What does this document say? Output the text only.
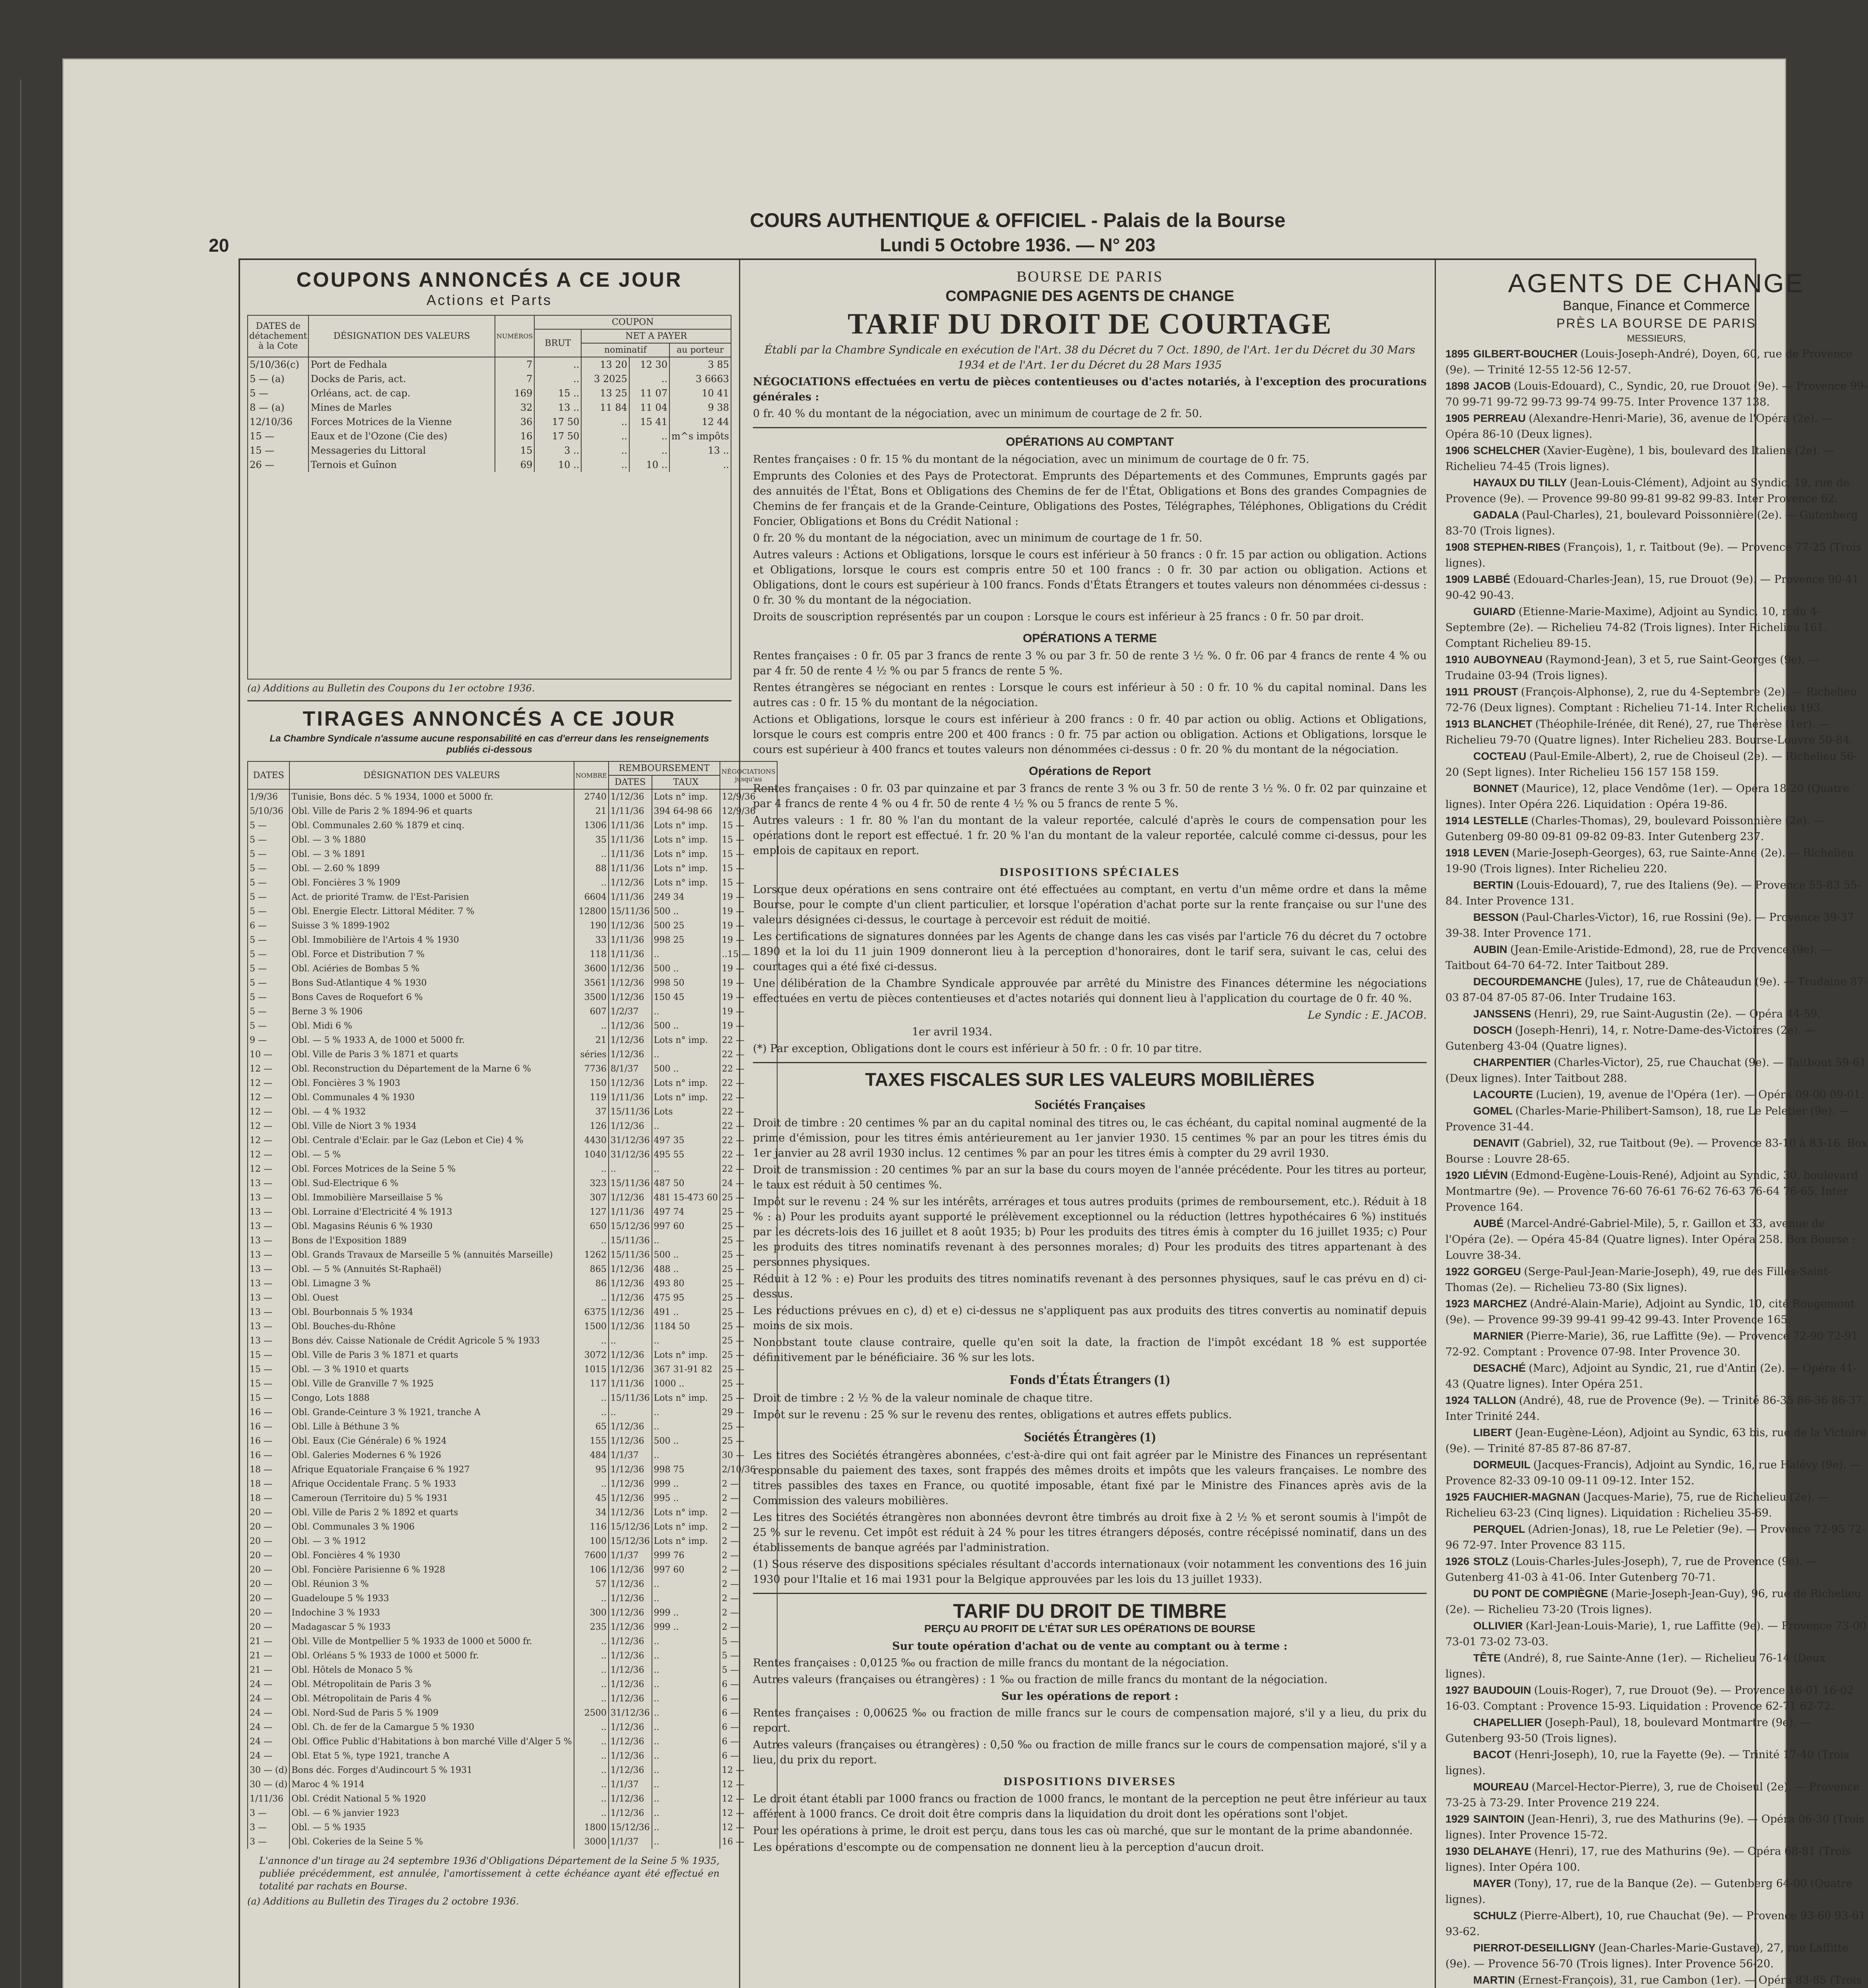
20
COURS AUTHENTIQUE & OFFICIEL - Palais de la Bourse
Lundi 5 Octobre 1936. — N° 203
COUPONS ANNONCÉS A CE JOUR
Actions et Parts
DATES de détachement à la Cote	DÉSIGNATION DES VALEURS	NUMÉROS	COUPON			
			BRUT	NET A PAYER		
				nominatif		au porteur
5/10/36(c)	Port de Fedhala	7	..	13 20	12 30	3 85
5 — (a)	Docks de Paris, act.	7	..	3 2025	..	3 6663
5 —	Orléans, act. de cap.	169	15 ..	13 25	11 07	10 41
8 — (a)	Mines de Marles	32	13 ..	11 84	11 04	9 38
12/10/36	Forces Motrices de la Vienne	36	17 50	..	15 41	12 44
15 —	Eaux et de l'Ozone (Cie des)	16	17 50	..	..	m^s impôts
15 —	Messageries du Littoral	15	3 ..	..	..	13 ..
26 —	Ternois et Guînon	69	10 ..	..	10 ..	..
(a) Additions au Bulletin des Coupons du 1er octobre 1936.
TIRAGES ANNONCÉS A CE JOUR
La Chambre Syndicale n'assume aucune responsabilité en cas d'erreur dans les renseignements publiés ci-dessous
DATES	DÉSIGNATION DES VALEURS	NOMBRE	REMBOURSEMENT		NÉGOCIATIONS jusqu'au
			DATES	TAUX	
1/9/36	Tunisie, Bons déc. 5 % 1934, 1000 et 5000 fr.	2740	1/12/36	Lots n° imp.	12/9/36
5/10/36	Obl. Ville de Paris 2 % 1894-96 et quarts	21	1/11/36	394 64-98 66	12/9/36
5 —	Obl. Communales 2.60 % 1879 et cinq.	1306	1/11/36	Lots n° imp.	15 —
5 —	Obl. — 3 % 1880	35	1/11/36	Lots n° imp.	15 —
5 —	Obl. — 3 % 1891	..	1/11/36	Lots n° imp.	15 —
5 —	Obl. — 2.60 % 1899	88	1/11/36	Lots n° imp.	15 —
5 —	Obl. Foncières 3 % 1909	..	1/12/36	Lots n° imp.	15 —
5 —	Act. de priorité Tramw. de l'Est-Parisien	6604	1/11/36	249 34	19 —
5 —	Obl. Energie Electr. Littoral Méditer. 7 %	12800	15/11/36	500 ..	19 —
6 —	Suisse 3 % 1899-1902	190	1/12/36	500 25	19 —
5 —	Obl. Immobilière de l'Artois 4 % 1930	33	1/11/36	998 25	19 —
5 —	Obl. Force et Distribution 7 %	118	1/11/36	..	..15 —
5 —	Obl. Aciéries de Bombas 5 %	3600	1/12/36	500 ..	19 —
5 —	Bons Sud-Atlantique 4 % 1930	3561	1/12/36	998 50	19 —
5 —	Bons Caves de Roquefort 6 %	3500	1/12/36	150 45	19 —
5 —	Berne 3 % 1906	607	1/2/37	..	19 —
5 —	Obl. Midi 6 %	..	1/12/36	500 ..	19 —
9 —	Obl. — 5 % 1933 A, de 1000 et 5000 fr.	21	1/12/36	Lots n° imp.	22 —
10 —	Obl. Ville de Paris 3 % 1871 et quarts	séries	1/12/36	..	22 —
12 —	Obl. Reconstruction du Département de la Marne 6 %	7736	8/1/37	500 ..	22 —
12 —	Obl. Foncières 3 % 1903	150	1/12/36	Lots n° imp.	22 —
12 —	Obl. Communales 4 % 1930	119	1/11/36	Lots n° imp.	22 —
12 —	Obl. — 4 % 1932	37	15/11/36	Lots	22 —
12 —	Obl. Ville de Niort 3 % 1934	126	1/12/36	..	22 —
12 —	Obl. Centrale d'Eclair. par le Gaz (Lebon et Cie) 4 %	4430	31/12/36	497 35	22 —
12 —	Obl. — 5 %	1040	31/12/36	495 55	22 —
12 —	Obl. Forces Motrices de la Seine 5 %	..	..	..	22 —
13 —	Obl. Sud-Electrique 6 %	323	15/11/36	487 50	24 —
13 —	Obl. Immobilière Marseillaise 5 %	307	1/12/36	481 15-473 60	25 —
13 —	Obl. Lorraine d'Electricité 4 % 1913	127	1/11/36	497 74	25 —
13 —	Obl. Magasins Réunis 6 % 1930	650	15/12/36	997 60	25 —
13 —	Bons de l'Exposition 1889	..	15/11/36	..	25 —
13 —	Obl. Grands Travaux de Marseille 5 % (annuités Marseille)	1262	15/11/36	500 ..	25 —
13 —	Obl. — 5 % (Annuités St-Raphaël)	865	1/12/36	488 ..	25 —
13 —	Obl. Limagne 3 %	86	1/12/36	493 80	25 —
13 —	Obl. Ouest	..	1/12/36	475 95	25 —
13 —	Obl. Bourbonnais 5 % 1934	6375	1/12/36	491 ..	25 —
13 —	Obl. Bouches-du-Rhône	1500	1/12/36	1184 50	25 —
13 —	Bons dév. Caisse Nationale de Crédit Agricole 5 % 1933	..	..	..	25 —
15 —	Obl. Ville de Paris 3 % 1871 et quarts	3072	1/12/36	Lots n° imp.	25 —
15 —	Obl. — 3 % 1910 et quarts	1015	1/12/36	367 31-91 82	25 —
15 —	Obl. Ville de Granville 7 % 1925	117	1/11/36	1000 ..	25 —
15 —	Congo, Lots 1888	..	15/11/36	Lots n° imp.	25 —
16 —	Obl. Grande-Ceinture 3 % 1921, tranche A	..	..	..	29 —
16 —	Obl. Lille à Béthune 3 %	65	1/12/36	..	25 —
16 —	Obl. Eaux (Cie Générale) 6 % 1924	155	1/12/36	500 ..	25 —
16 —	Obl. Galeries Modernes 6 % 1926	484	1/1/37	..	30 —
18 —	Afrique Equatoriale Française 6 % 1927	95	1/12/36	998 75	2/10/36
18 —	Afrique Occidentale Franç. 5 % 1933	..	1/12/36	999 ..	2 —
18 —	Cameroun (Territoire du) 5 % 1931	45	1/12/36	995 ..	2 —
20 —	Obl. Ville de Paris 2 % 1892 et quarts	34	1/12/36	Lots n° imp.	2 —
20 —	Obl. Communales 3 % 1906	116	15/12/36	Lots n° imp.	2 —
20 —	Obl. — 3 % 1912	100	15/12/36	Lots n° imp.	2 —
20 —	Obl. Foncières 4 % 1930	7600	1/1/37	999 76	2 —
20 —	Obl. Foncière Parisienne 6 % 1928	106	1/12/36	997 60	2 —
20 —	Obl. Réunion 3 %	57	1/12/36	..	2 —
20 —	Guadeloupe 5 % 1933	..	1/12/36	..	2 —
20 —	Indochine 3 % 1933	300	1/12/36	999 ..	2 —
20 —	Madagascar 5 % 1933	235	1/12/36	999 ..	2 —
21 —	Obl. Ville de Montpellier 5 % 1933 de 1000 et 5000 fr.	..	1/12/36	..	5 —
21 —	Obl. Orléans 5 % 1933 de 1000 et 5000 fr.	..	1/12/36	..	5 —
21 —	Obl. Hôtels de Monaco 5 %	..	1/12/36	..	5 —
24 —	Obl. Métropolitain de Paris 3 %	..	1/12/36	..	6 —
24 —	Obl. Métropolitain de Paris 4 %	..	1/12/36	..	6 —
24 —	Obl. Nord-Sud de Paris 5 % 1909	2500	31/12/36	..	6 —
24 —	Obl. Ch. de fer de la Camargue 5 % 1930	..	1/12/36	..	6 —
24 —	Obl. Office Public d'Habitations à bon marché Ville d'Alger 5 %	..	1/12/36	..	6 —
24 —	Obl. Etat 5 %, type 1921, tranche A	..	1/12/36	..	6 —
30 — (d)	Bons déc. Forges d'Audincourt 5 % 1931	..	1/12/36	..	12 —
30 — (d)	Maroc 4 % 1914	..	1/1/37	..	12 —
1/11/36	Obl. Crédit National 5 % 1920	..	1/12/36	..	12 —
3 —	Obl. — 6 % janvier 1923	..	1/12/36	..	12 —
3 —	Obl. — 5 % 1935	1800	15/12/36	..	12 —
3 —	Obl. Cokeries de la Seine 5 %	3000	1/1/37	..	16 —
L'annonce d'un tirage au 24 septembre 1936 d'Obligations Département de la Seine 5 % 1935, publiée précédemment, est annulée, l'amortissement à cette échéance ayant été effectué en totalité par rachats en Bourse.
(a) Additions au Bulletin des Tirages du 2 octobre 1936.
BOURSE DE PARIS
COMPAGNIE DES AGENTS DE CHANGE
TARIF DU DROIT DE COURTAGE
Établi par la Chambre Syndicale en exécution de l'Art. 38 du Décret du 7 Oct. 1890, de l'Art. 1er du Décret du 30 Mars 1934 et de l'Art. 1er du Décret du 28 Mars 1935
NÉGOCIATIONS effectuées en vertu de pièces contentieuses ou d'actes notariés, à l'exception des procurations générales :
0 fr. 40 % du montant de la négociation, avec un minimum de courtage de 2 fr. 50.
OPÉRATIONS AU COMPTANT
Rentes françaises : 0 fr. 15 % du montant de la négociation, avec un minimum de courtage de 0 fr. 75.
Emprunts des Colonies et des Pays de Protectorat. Emprunts des Départements et des Communes, Emprunts gagés par des annuités de l'État, Bons et Obligations des Chemins de fer de l'État, Obligations et Bons des grandes Compagnies de Chemins de fer français et de la Grande-Ceinture, Obligations des Postes, Télégraphes, Téléphones, Obligations du Crédit Foncier, Obligations et Bons du Crédit National :
0 fr. 20 % du montant de la négociation, avec un minimum de courtage de 1 fr. 50.
Autres valeurs : Actions et Obligations, lorsque le cours est inférieur à 50 francs : 0 fr. 15 par action ou obligation. Actions et Obligations, lorsque le cours est compris entre 50 et 100 francs : 0 fr. 30 par action ou obligation. Actions et Obligations, dont le cours est supérieur à 100 francs. Fonds d'États Étrangers et toutes valeurs non dénommées ci-dessus : 0 fr. 30 % du montant de la négociation.
Droits de souscription représentés par un coupon : Lorsque le cours est inférieur à 25 francs : 0 fr. 50 par droit.
OPÉRATIONS A TERME
Rentes françaises : 0 fr. 05 par 3 francs de rente 3 % ou par 3 fr. 50 de rente 3 ½ %. 0 fr. 06 par 4 francs de rente 4 % ou par 4 fr. 50 de rente 4 ½ % ou par 5 francs de rente 5 %.
Rentes étrangères se négociant en rentes : Lorsque le cours est inférieur à 50 : 0 fr. 10 % du capital nominal. Dans les autres cas : 0 fr. 15 % du montant de la négociation.
Actions et Obligations, lorsque le cours est inférieur à 200 francs : 0 fr. 40 par action ou oblig. Actions et Obligations, lorsque le cours est compris entre 200 et 400 francs : 0 fr. 75 par action ou obligation. Actions et Obligations, lorsque le cours est supérieur à 400 francs et toutes valeurs non dénommées ci-dessus : 0 fr. 20 % du montant de la négociation.
Opérations de Report
Rentes françaises : 0 fr. 03 par quinzaine et par 3 francs de rente 3 % ou 3 fr. 50 de rente 3 ½ %. 0 fr. 02 par quinzaine et par 4 francs de rente 4 % ou 4 fr. 50 de rente 4 ½ % ou 5 francs de rente 5 %.
Autres valeurs : 1 fr. 80 % l'an du montant de la valeur reportée, calculé d'après le cours de compensation pour les opérations dont le report est effectué. 1 fr. 20 % l'an du montant de la valeur reportée, calculé comme ci-dessus, pour les emplois de capitaux en report.
DISPOSITIONS SPÉCIALES
Lorsque deux opérations en sens contraire ont été effectuées au comptant, en vertu d'un même ordre et dans la même Bourse, pour le compte d'un client particulier, et lorsque l'opération d'achat porte sur la rente française ou sur l'une des valeurs désignées ci-dessus, le courtage à percevoir est réduit de moitié.
Les certifications de signatures données par les Agents de change dans les cas visés par l'article 76 du décret du 7 octobre 1890 et la loi du 11 juin 1909 donneront lieu à la perception d'honoraires, dont le tarif sera, suivant le cas, celui des courtages qui a été fixé ci-dessus.
Une délibération de la Chambre Syndicale approuvée par arrêté du Ministre des Finances détermine les négociations effectuées en vertu de pièces contentieuses et d'actes notariés qui donnent lieu à l'application du courtage de 0 fr. 40 %.
Le Syndic : E. JACOB.
1er avril 1934.
(*) Par exception, Obligations dont le cours est inférieur à 50 fr. : 0 fr. 10 par titre.
TAXES FISCALES SUR LES VALEURS MOBILIÈRES
Sociétés Françaises
Droit de timbre : 20 centimes % par an du capital nominal des titres ou, le cas échéant, du capital nominal augmenté de la prime d'émission, pour les titres émis antérieurement au 1er janvier 1930. 15 centimes % par an pour les titres émis du 1er janvier au 28 avril 1930 inclus. 12 centimes % par an pour les titres émis à compter du 29 avril 1930.
Droit de transmission : 20 centimes % par an sur la base du cours moyen de l'année précédente. Pour les titres au porteur, le taux est réduit à 50 centimes %.
Impôt sur le revenu : 24 % sur les intérêts, arrérages et tous autres produits (primes de remboursement, etc.). Réduit à 18 % : a) Pour les produits ayant supporté le prélèvement exceptionnel ou la réduction (lettres hypothécaires 6 %) institués par les décrets-lois des 16 juillet et 8 août 1935; b) Pour les produits des titres émis à compter du 16 juillet 1935; c) Pour les produits des titres nominatifs revenant à des personnes morales; d) Pour les produits des titres appartenant à des personnes physiques.
Réduit à 12 % : e) Pour les produits des titres nominatifs revenant à des personnes physiques, sauf le cas prévu en d) ci-dessus.
Les réductions prévues en c), d) et e) ci-dessus ne s'appliquent pas aux produits des titres convertis au nominatif depuis moins de six mois.
Nonobstant toute clause contraire, quelle qu'en soit la date, la fraction de l'impôt excédant 18 % est supportée définitivement par le bénéficiaire. 36 % sur les lots.
Fonds d'États Étrangers (1)
Droit de timbre : 2 ½ % de la valeur nominale de chaque titre.
Impôt sur le revenu : 25 % sur le revenu des rentes, obligations et autres effets publics.
Sociétés Étrangères (1)
Les titres des Sociétés étrangères abonnées, c'est-à-dire qui ont fait agréer par le Ministre des Finances un représentant responsable du paiement des taxes, sont frappés des mêmes droits et impôts que les valeurs françaises. Le nombre des titres passibles des taxes en France, ou quotité imposable, étant fixé par le Ministre des Finances après avis de la Commission des valeurs mobilières.
Les titres des Sociétés étrangères non abonnées devront être timbrés au droit fixe à 2 ½ % et seront soumis à l'impôt de 25 % sur le revenu. Cet impôt est réduit à 24 % pour les titres étrangers déposés, contre récépissé nominatif, dans un des établissements de banque agréés par l'administration.
(1) Sous réserve des dispositions spéciales résultant d'accords internationaux (voir notamment les conventions des 16 juin 1930 pour l'Italie et 16 mai 1931 pour la Belgique approuvées par les lois du 13 juillet 1933).
TARIF DU DROIT DE TIMBRE
PERÇU AU PROFIT DE L'ÉTAT SUR LES OPÉRATIONS DE BOURSE
Sur toute opération d'achat ou de vente au comptant ou à terme :
Rentes françaises : 0,0125 ‰ ou fraction de mille francs du montant de la négociation.
Autres valeurs (françaises ou étrangères) : 1 ‰ ou fraction de mille francs du montant de la négociation.
Sur les opérations de report :
Rentes françaises : 0,00625 ‰ ou fraction de mille francs sur le cours de compensation majoré, s'il y a lieu, du prix du report.
Autres valeurs (françaises ou étrangères) : 0,50 ‰ ou fraction de mille francs sur le cours de compensation majoré, s'il y a lieu, du prix du report.
DISPOSITIONS DIVERSES
Le droit étant établi par 1000 francs ou fraction de 1000 francs, le montant de la perception ne peut être inférieur au taux afférent à 1000 francs. Ce droit doit être compris dans la liquidation du droit dont les opérations sont l'objet.
Pour les opérations à prime, le droit est perçu, dans tous les cas où marché, que sur le montant de la prime abandonnée.
Les opérations d'escompte ou de compensation ne donnent lieu à la perception d'aucun droit.
AGENTS DE CHANGE
Banque, Finance et Commerce
PRÈS LA BOURSE DE PARIS
MESSIEURS,
1895 GILBERT-BOUCHER (Louis-Joseph-André), Doyen, 60, rue de Provence (9e). — Trinité 12-55 12-56 12-57.
1898 JACOB (Louis-Edouard), C., Syndic, 20, rue Drouot (9e). — Provence 99-70 99-71 99-72 99-73 99-74 99-75. Inter Provence 137 138.
1905 PERREAU (Alexandre-Henri-Marie), 36, avenue de l'Opéra (2e). — Opéra 86-10 (Deux lignes).
1906 SCHELCHER (Xavier-Eugène), 1 bis, boulevard des Italiens (2e). — Richelieu 74-45 (Trois lignes).
HAYAUX DU TILLY (Jean-Louis-Clément), Adjoint au Syndic, 19, rue de Provence (9e). — Provence 99-80 99-81 99-82 99-83. Inter Provence 62.
GADALA (Paul-Charles), 21, boulevard Poissonnière (2e). — Gutenberg 83-70 (Trois lignes).
1908 STEPHEN-RIBES (François), 1, r. Taitbout (9e). — Provence 77-25 (Trois lignes).
1909 LABBÉ (Edouard-Charles-Jean), 15, rue Drouot (9e). — Provence 90-41 90-42 90-43.
GUIARD (Etienne-Marie-Maxime), Adjoint au Syndic, 10, r. du 4-Septembre (2e). — Richelieu 74-82 (Trois lignes). Inter Richelieu 161. Comptant Richelieu 89-15.
1910 AUBOYNEAU (Raymond-Jean), 3 et 5, rue Saint-Georges (9e). — Trudaine 03-94 (Trois lignes).
1911 PROUST (François-Alphonse), 2, rue du 4-Septembre (2e). — Richelieu 72-76 (Deux lignes). Comptant : Richelieu 71-14. Inter Richelieu 193.
1913 BLANCHET (Théophile-Irénée, dit René), 27, rue Thérèse (1er). — Richelieu 79-70 (Quatre lignes). Inter Richelieu 283. Bourse-Louvre 50-84.
COCTEAU (Paul-Emile-Albert), 2, rue de Choiseul (2e). — Richelieu 56-20 (Sept lignes). Inter Richelieu 156 157 158 159.
BONNET (Maurice), 12, place Vendôme (1er). — Opéra 18-20 (Quatre lignes). Inter Opéra 226. Liquidation : Opéra 19-86.
1914 LESTELLE (Charles-Thomas), 29, boulevard Poissonnière (2e). — Gutenberg 09-80 09-81 09-82 09-83. Inter Gutenberg 237.
1918 LEVEN (Marie-Joseph-Georges), 63, rue Sainte-Anne (2e). — Richelieu 19-90 (Trois lignes). Inter Richelieu 220.
BERTIN (Louis-Edouard), 7, rue des Italiens (9e). — Provence 55-83 55-84. Inter Provence 131.
BESSON (Paul-Charles-Victor), 16, rue Rossini (9e). — Provence 39-37 39-38. Inter Provence 171.
AUBIN (Jean-Emile-Aristide-Edmond), 28, rue de Provence (9e). — Taitbout 64-70 64-72. Inter Taitbout 289.
DECOURDEMANCHE (Jules), 17, rue de Châteaudun (9e). — Trudaine 87-03 87-04 87-05 87-06. Inter Trudaine 163.
JANSSENS (Henri), 29, rue Saint-Augustin (2e). — Opéra 44-59.
DOSCH (Joseph-Henri), 14, r. Notre-Dame-des-Victoires (2e). — Gutenberg 43-04 (Quatre lignes).
CHARPENTIER (Charles-Victor), 25, rue Chauchat (9e). — Taitbout 59-61 (Deux lignes). Inter Taitbout 288.
LACOURTE (Lucien), 19, avenue de l'Opéra (1er). — Opéra 09-00 09-01.
GOMEL (Charles-Marie-Philibert-Samson), 18, rue Le Peletier (9e). — Provence 31-44.
DENAVIT (Gabriel), 32, rue Taitbout (9e). — Provence 83-10 à 83-16. Box Bourse : Louvre 28-65.
1920 LIÉVIN (Edmond-Eugène-Louis-René), Adjoint au Syndic, 30, boulevard Montmartre (9e). — Provence 76-60 76-61 76-62 76-63 76-64 76-65. Inter Provence 164.
AUBÉ (Marcel-André-Gabriel-Mile), 5, r. Gaillon et 33, avenue de l'Opéra (2e). — Opéra 45-84 (Quatre lignes). Inter Opéra 258. Box Bourse : Louvre 38-34.
1922 GORGEU (Serge-Paul-Jean-Marie-Joseph), 49, rue des Filles-Saint-Thomas (2e). — Richelieu 73-80 (Six lignes).
1923 MARCHEZ (André-Alain-Marie), Adjoint au Syndic, 10, cité Rougemont (9e). — Provence 99-39 99-41 99-42 99-43. Inter Provence 165.
MARNIER (Pierre-Marie), 36, rue Laffitte (9e). — Provence 72-90 72-91 72-92. Comptant : Provence 07-98. Inter Provence 30.
DESACHÉ (Marc), Adjoint au Syndic, 21, rue d'Antin (2e). — Opéra 41-43 (Quatre lignes). Inter Opéra 251.
1924 TALLON (André), 48, rue de Provence (9e). — Trinité 86-35 86-36 86-37. Inter Trinité 244.
LIBERT (Jean-Eugène-Léon), Adjoint au Syndic, 63 bis, rue de la Victoire (9e). — Trinité 87-85 87-86 87-87.
DORMEUIL (Jacques-Francis), Adjoint au Syndic, 16, rue Halévy (9e). — Provence 82-33 09-10 09-11 09-12. Inter 152.
1925 FAUCHIER-MAGNAN (Jacques-Marie), 75, rue de Richelieu (2e). — Richelieu 63-23 (Cinq lignes). Liquidation : Richelieu 35-69.
PERQUEL (Adrien-Jonas), 18, rue Le Peletier (9e). — Provence 72-95 72-96 72-97. Inter Provence 83 115.
1926 STOLZ (Louis-Charles-Jules-Joseph), 7, rue de Provence (9e). — Gutenberg 41-03 à 41-06. Inter Gutenberg 70-71.
DU PONT DE COMPIÈGNE (Marie-Joseph-Jean-Guy), 96, rue de Richelieu (2e). — Richelieu 73-20 (Trois lignes).
OLLIVIER (Karl-Jean-Louis-Marie), 1, rue Laffitte (9e). — Provence 73-00 73-01 73-02 73-03.
TÊTE (André), 8, rue Sainte-Anne (1er). — Richelieu 76-14 (Deux lignes).
1927 BAUDOUIN (Louis-Roger), 7, rue Drouot (9e). — Provence 16-01 16-02 16-03. Comptant : Provence 15-93. Liquidation : Provence 62-71 62-72.
CHAPELLIER (Joseph-Paul), 18, boulevard Montmartre (9e). — Gutenberg 93-50 (Trois lignes).
BACOT (Henri-Joseph), 10, rue la Fayette (9e). — Trinité 17-40 (Trois lignes).
MOUREAU (Marcel-Hector-Pierre), 3, rue de Choiseul (2e). — Provence 73-25 à 73-29. Inter Provence 219 224.
1929 SAINTOIN (Jean-Henri), 3, rue des Mathurins (9e). — Opéra 06-30 (Trois lignes). Inter Provence 15-72.
1930 DELAHAYE (Henri), 17, rue des Mathurins (9e). — Opéra 68-81 (Trois lignes). Inter Opéra 100.
MAYER (Tony), 17, rue de la Banque (2e). — Gutenberg 64-00 (Quatre lignes).
SCHULZ (Pierre-Albert), 10, rue Chauchat (9e). — Provence 93-60 93-61 93-62.
PIERROT-DESEILLIGNY (Jean-Charles-Marie-Gustave), 27, rue Laffitte (9e). — Provence 56-70 (Trois lignes). Inter Provence 56-20.
MARTIN (Ernest-François), 31, rue Cambon (1er). — Opéra 83-85 (Trois
